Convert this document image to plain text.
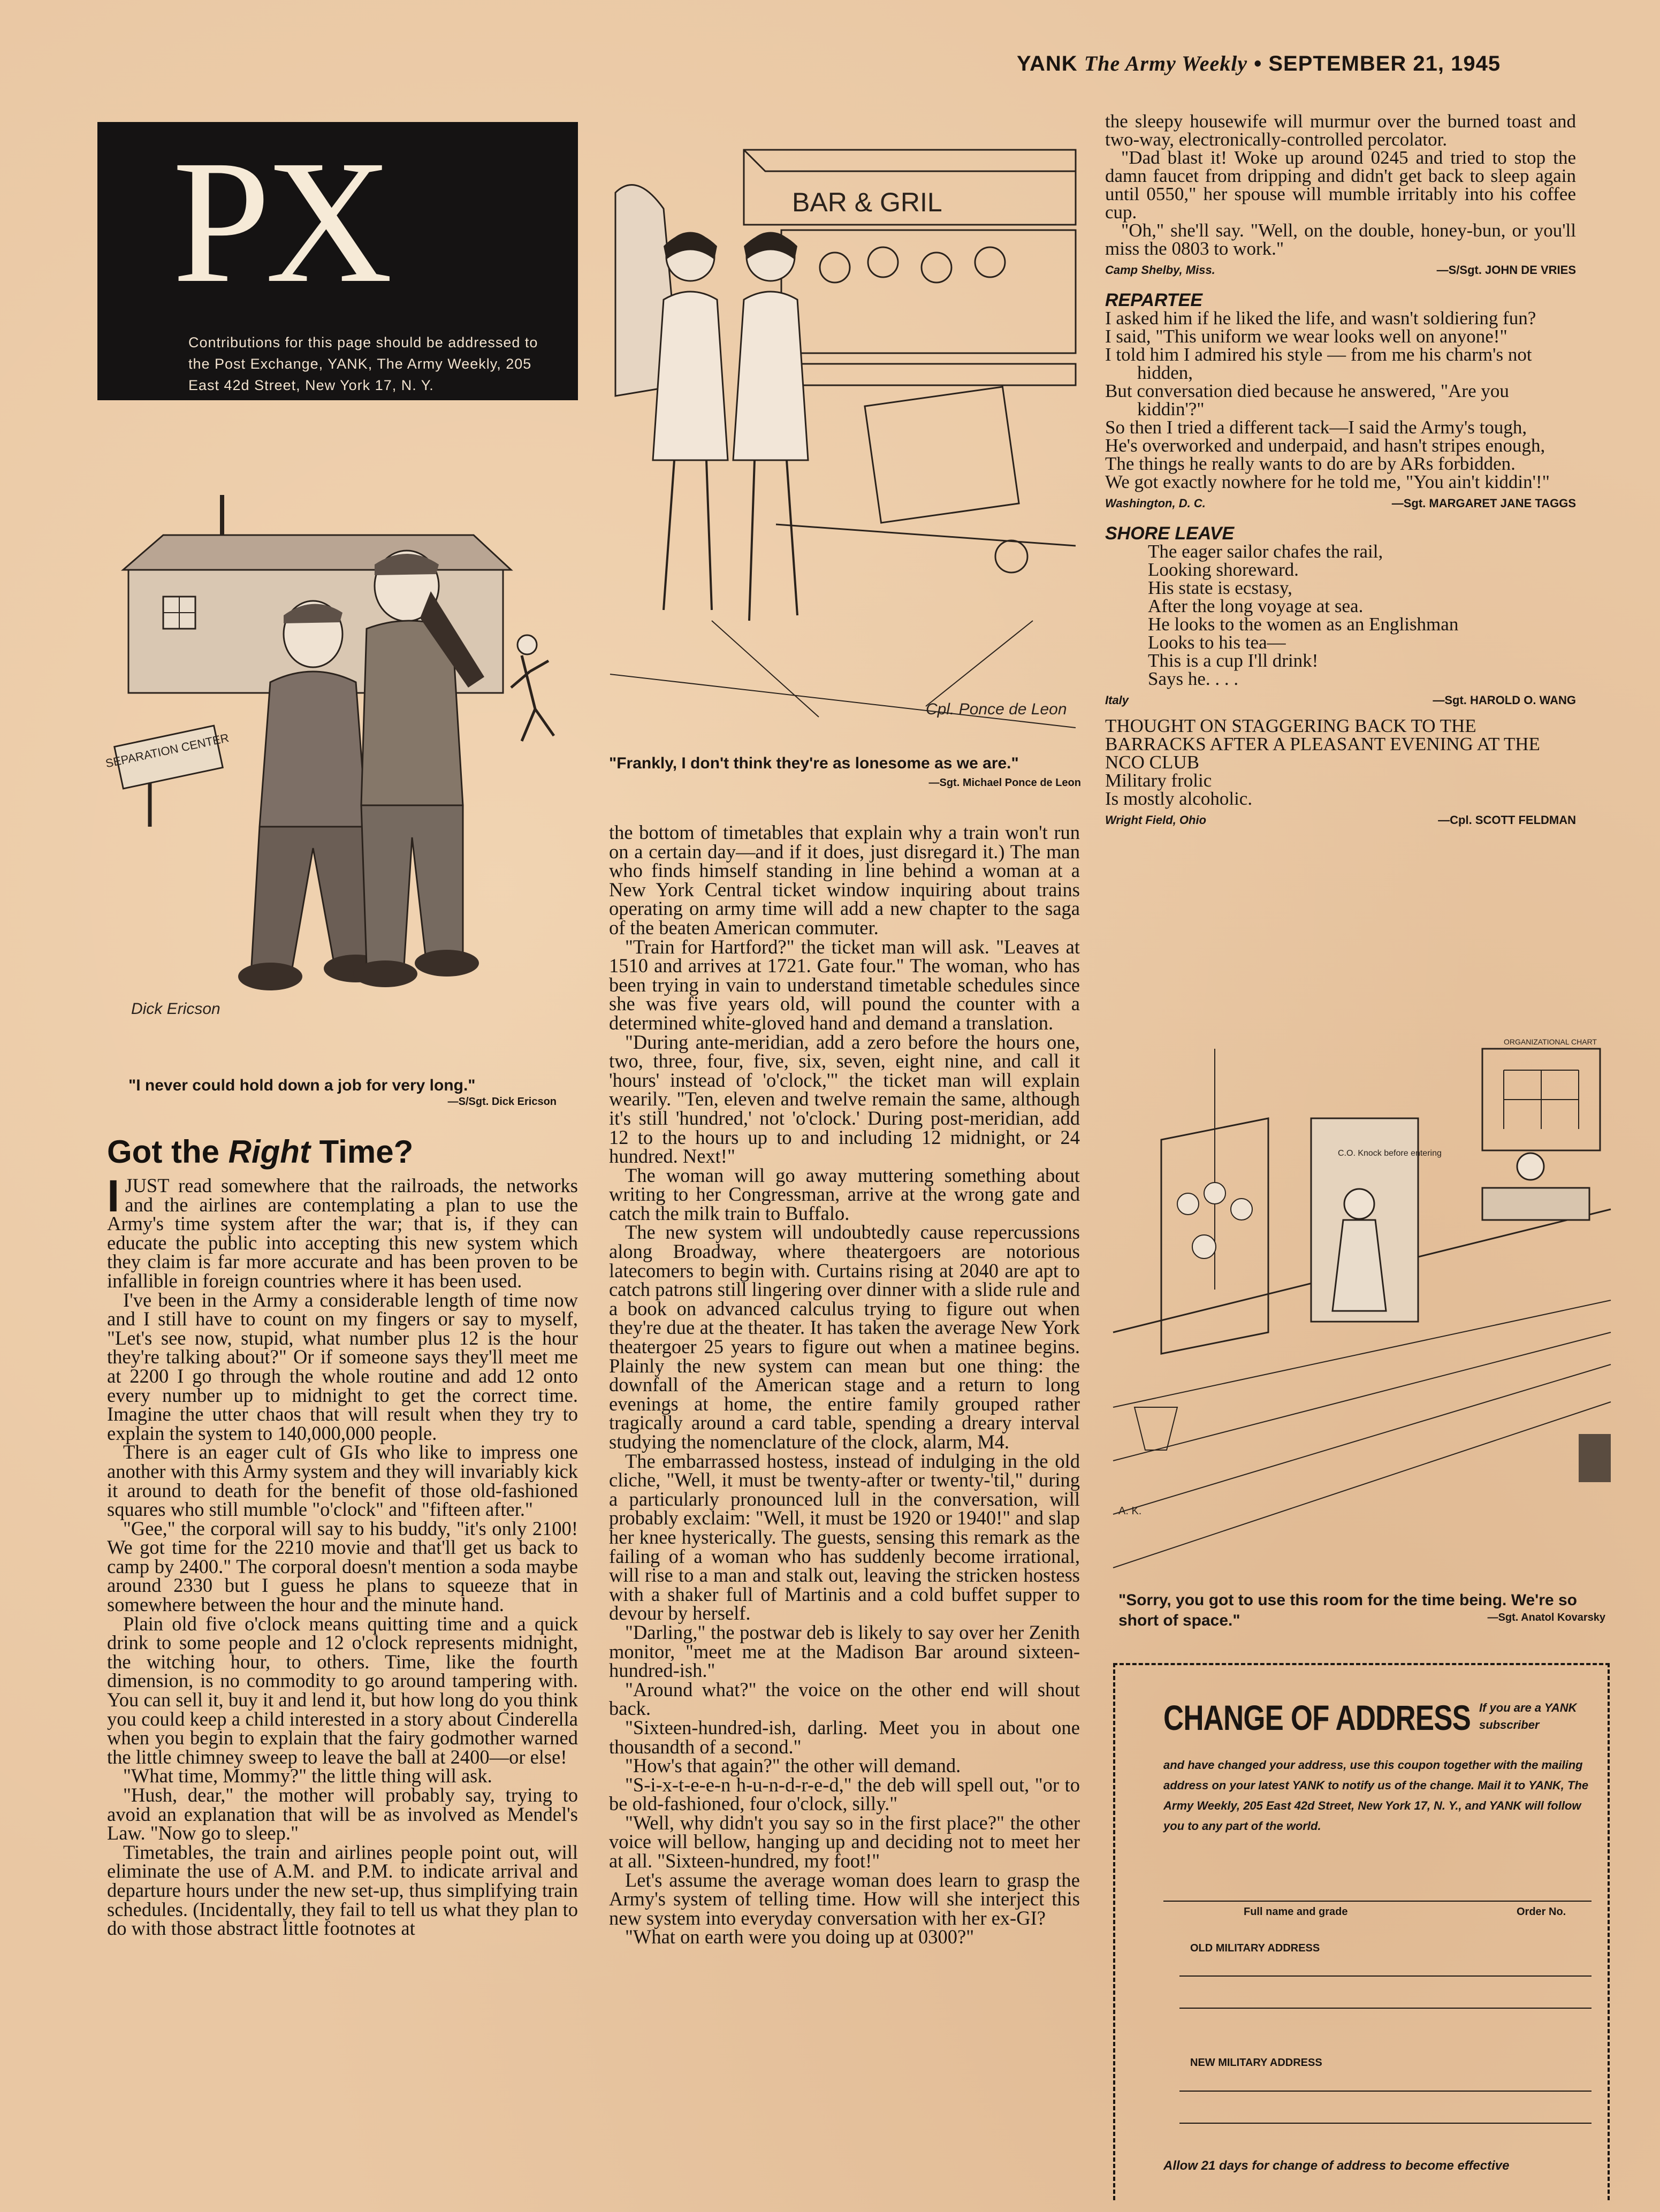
YANK The Army Weekly • SEPTEMBER 21, 1945
PX
Contributions for this page should be addressed to the Post Exchange, YANK, The Army Weekly, 205 East 42d Street, New York 17, N. Y.
SEPARATION CENTER
Dick Ericson
"I never could hold down a job for very long."
—S/Sgt. Dick Ericson
BAR & GRIL
Cpl. Ponce de Leon
"Frankly, I don't think they're as lonesome as we are."
—Sgt. Michael Ponce de Leon
Got the Right Time?

IJUST read somewhere that the railroads, the networks and the airlines are contemplating a plan to use the Army's time system after the war; that is, if they can educate the public into accepting this new system which they claim is far more accurate and has been proven to be infallible in foreign countries where it has been used.

I've been in the Army a considerable length of time now and I still have to count on my fingers or say to myself, "Let's see now, stupid, what number plus 12 is the hour they're talking about?" Or if someone says they'll meet me at 2200 I go through the whole routine and add 12 onto every number up to midnight to get the correct time. Imagine the utter chaos that will result when they try to explain the system to 140,000,000 people.

There is an eager cult of GIs who like to impress one another with this Army system and they will invariably kick it around to death for the benefit of those old-fashioned squares who still mumble "o'clock" and "fifteen after."

"Gee," the corporal will say to his buddy, "it's only 2100! We got time for the 2210 movie and that'll get us back to camp by 2400." The corporal doesn't mention a soda maybe around 2330 but I guess he plans to squeeze that in somewhere between the hour and the minute hand.

Plain old five o'clock means quitting time and a quick drink to some people and 12 o'clock represents midnight, the witching hour, to others. Time, like the fourth dimension, is no commodity to go around tampering with. You can sell it, buy it and lend it, but how long do you think you could keep a child interested in a story about Cinderella when you begin to explain that the fairy godmother warned the little chimney sweep to leave the ball at 2400—or else!

"What time, Mommy?" the little thing will ask.

"Hush, dear," the mother will probably say, trying to avoid an explanation that will be as involved as Mendel's Law. "Now go to sleep."

Timetables, the train and airlines people point out, will eliminate the use of A.M. and P.M. to indicate arrival and departure hours under the new set-up, thus simplifying train schedules. (Incidentally, they fail to tell us what they plan to do with those abstract little footnotes at

the bottom of timetables that explain why a train won't run on a certain day—and if it does, just disregard it.) The man who finds himself standing in line behind a woman at a New York Central ticket window inquiring about trains operating on army time will add a new chapter to the saga of the beaten American commuter.

"Train for Hartford?" the ticket man will ask. "Leaves at 1510 and arrives at 1721. Gate four." The woman, who has been trying in vain to understand timetable schedules since she was five years old, will pound the counter with a determined white-gloved hand and demand a translation.

"During ante-meridian, add a zero before the hours one, two, three, four, five, six, seven, eight nine, and call it 'hours' instead of 'o'clock,'" the ticket man will explain wearily. "Ten, eleven and twelve remain the same, although it's still 'hundred,' not 'o'clock.' During post-meridian, add 12 to the hours up to and including 12 midnight, or 24 hundred. Next!"

The woman will go away muttering something about writing to her Congressman, arrive at the wrong gate and catch the milk train to Buffalo.

The new system will undoubtedly cause repercussions along Broadway, where theatergoers are notorious latecomers to begin with. Curtains rising at 2040 are apt to catch patrons still lingering over dinner with a slide rule and a book on advanced calculus trying to figure out when they're due at the theater. It has taken the average New York theatergoer 25 years to figure out when a matinee begins. Plainly the new system can mean but one thing: the downfall of the American stage and a return to long evenings at home, the entire family grouped rather tragically around a card table, spending a dreary interval studying the nomenclature of the clock, alarm, M4.

The embarrassed hostess, instead of indulging in the old cliche, "Well, it must be twenty-after or twenty-'til," during a particularly pronounced lull in the conversation, will probably exclaim: "Well, it must be 1920 or 1940!" and slap her knee hysterically. The guests, sensing this remark as the failing of a woman who has suddenly become irrational, will rise to a man and stalk out, leaving the stricken hostess with a shaker full of Martinis and a cold buffet supper to devour by herself.

"Darling," the postwar deb is likely to say over her Zenith monitor, "meet me at the Madison Bar around sixteen-hundred-ish."

"Around what?" the voice on the other end will shout back.

"Sixteen-hundred-ish, darling. Meet you in about one thousandth of a second."

"How's that again?" the other will demand.

"S-i-x-t-e-e-n h-u-n-d-r-e-d," the deb will spell out, "or to be old-fashioned, four o'clock, silly."

"Well, why didn't you say so in the first place?" the other voice will bellow, hanging up and deciding not to meet her at all. "Sixteen-hundred, my foot!"

Let's assume the average woman does learn to grasp the Army's system of telling time. How will she interject this new system into everyday conversation with her ex-GI?

"What on earth were you doing up at 0300?"

the sleepy housewife will murmur over the burned toast and two-way, electronically-controlled percolator.

"Dad blast it! Woke up around 0245 and tried to stop the damn faucet from dripping and didn't get back to sleep again until 0550," her spouse will mumble irritably into his coffee cup.

"Oh," she'll say. "Well, on the double, honey-bun, or you'll miss the 0803 to work."

Camp Shelby, Miss.	—S/Sgt. JOHN DE VRIES
REPARTEE
I asked him if he liked the life, and wasn't soldiering fun?
I said, "This uniform we wear looks well on anyone!"
I told him I admired his style — from me his charm's not hidden,
But conversation died because he answered, "Are you kiddin'?"
So then I tried a different tack—I said the Army's tough,
He's overworked and underpaid, and hasn't stripes enough,
The things he really wants to do are by ARs forbidden.
We got exactly nowhere for he told me, "You ain't kiddin'!"
Washington, D. C.	—Sgt. MARGARET JANE TAGGS
SHORE LEAVE
The eager sailor chafes the rail,
Looking shoreward.
His state is ecstasy,
After the long voyage at sea.
He looks to the women as an Englishman
Looks to his tea—
This is a cup I'll drink!
Says he. . . .
Italy	—Sgt. HAROLD O. WANG
THOUGHT ON STAGGERING BACK TO THE BARRACKS AFTER A PLEASANT EVENING AT THE NCO CLUB
Military frolic
Is mostly alcoholic.
Wright Field, Ohio	—Cpl. SCOTT FELDMAN
ORGANIZATIONAL CHART
C.O. Knock before entering
A. K.
"Sorry, you got to use this room for the time being. We're so short of space."	—Sgt. Anatol Kovarsky
CHANGE OF ADDRESS If you are a YANK subscriber
and have changed your address, use this coupon together with the mailing address on your latest YANK to notify us of the change. Mail it to YANK, The Army Weekly, 205 East 42d Street, New York 17, N. Y., and YANK will follow you to any part of the world.
Full name and grade	Order No.
OLD MILITARY ADDRESS
NEW MILITARY ADDRESS
Allow 21 days for change of address to become effective
